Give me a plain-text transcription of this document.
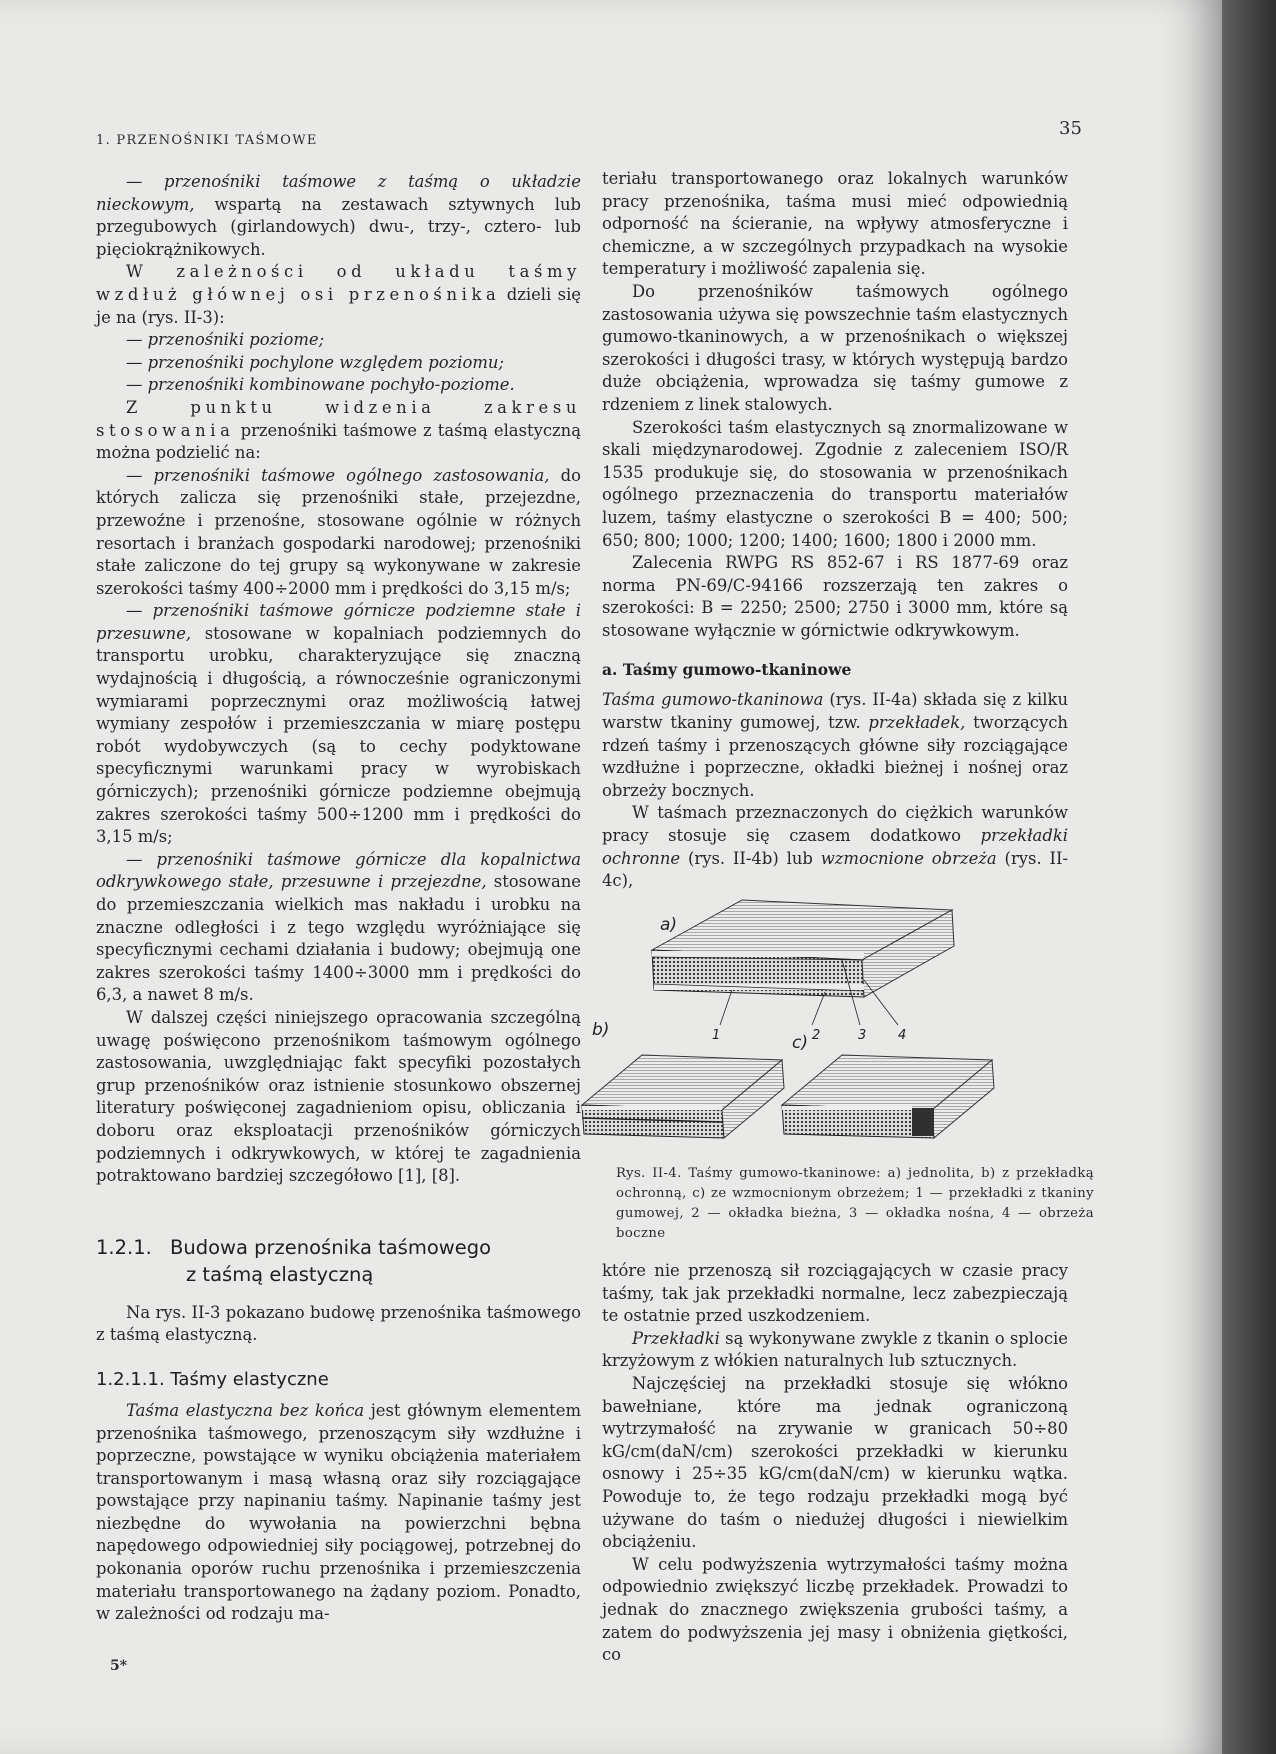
1. PRZENOŚNIKI TAŚMOWE
35

— przenośniki taśmowe z taśmą o układzie nieckowym, wspartą na zestawach sztywnych lub przegubowych (girlandowych) dwu-, trzy-, cztero- lub pięciokrążnikowych.

W zależności od układu taśmy wzdłuż głównej osi przenośnika dzieli się je na (rys. II-3):

— przenośniki poziome;

— przenośniki pochylone względem poziomu;

— przenośniki kombinowane pochyło-poziome.

Z punktu widzenia zakresu stosowania przenośniki taśmowe z taśmą elastyczną można podzielić na:

— przenośniki taśmowe ogólnego zastosowania, do których zalicza się przenośniki stałe, przejezdne, przewoźne i przenośne, stosowane ogólnie w różnych resortach i branżach gospodarki narodowej; przenośniki stałe zaliczone do tej grupy są wykonywane w zakresie szerokości taśmy 400÷2000 mm i prędkości do 3,15 m/s;

— przenośniki taśmowe górnicze podziemne stałe i przesuwne, stosowane w kopalniach podziemnych do transportu urobku, charakteryzujące się znaczną wydajnością i długością, a równocześnie ograniczonymi wymiarami poprzecznymi oraz możliwością łatwej wymiany zespołów i przemieszczania w miarę postępu robót wydobywczych (są to cechy podyktowane specyficznymi warunkami pracy w wyrobiskach górniczych); przenośniki górnicze podziemne obejmują zakres szerokości taśmy 500÷1200 mm i prędkości do 3,15 m/s;

— przenośniki taśmowe górnicze dla kopalnictwa odkrywkowego stałe, przesuwne i przejezdne, stosowane do przemieszczania wielkich mas nakładu i urobku na znaczne odległości i z tego względu wyróżniające się specyficznymi cechami działania i budowy; obejmują one zakres szerokości taśmy 1400÷3000 mm i prędkości do 6,3, a nawet 8 m/s.

W dalszej części niniejszego opracowania szczególną uwagę poświęcono przenośnikom taśmowym ogólnego zastosowania, uwzględniając fakt specyfiki pozostałych grup przenośników oraz istnienie stosunkowo obszernej literatury poświęconej zagadnieniom opisu, obliczania i doboru oraz eksploatacji przenośników górniczych podziemnych i odkrywkowych, w której te zagadnienia potraktowano bardziej szczegółowo [1], [8].

1.2.1. Budowa przenośnika taśmowego
z taśmą elastyczną

Na rys. II-3 pokazano budowę przenośnika taśmowego z taśmą elastyczną.

1.2.1.1. Taśmy elastyczne

Taśma elastyczna bez końca jest głównym elementem przenośnika taśmowego, przenoszącym siły wzdłużne i poprzeczne, powstające w wyniku obciążenia materiałem transportowanym i masą własną oraz siły rozciągające powstające przy napinaniu taśmy. Napinanie taśmy jest niezbędne do wywołania na powierzchni bębna napędowego odpowiedniej siły pociągowej, potrzebnej do pokonania oporów ruchu przenośnika i przemieszczenia materiału transportowanego na żądany poziom. Ponadto, w zależności od rodzaju ma-

teriału transportowanego oraz lokalnych warunków pracy przenośnika, taśma musi mieć odpowiednią odporność na ścieranie, na wpływy atmosferyczne i chemiczne, a w szczególnych przypadkach na wysokie temperatury i możliwość zapalenia się.

Do przenośników taśmowych ogólnego zastosowania używa się powszechnie taśm elastycznych gumowo-tkaninowych, a w przenośnikach o większej szerokości i długości trasy, w których występują bardzo duże obciążenia, wprowadza się taśmy gumowe z rdzeniem z linek stalowych.

Szerokości taśm elastycznych są znormalizowane w skali międzynarodowej. Zgodnie z zaleceniem ISO/R 1535 produkuje się, do stosowania w przenośnikach ogólnego przeznaczenia do transportu materiałów luzem, taśmy elastyczne o szerokości B = 400; 500; 650; 800; 1000; 1200; 1400; 1600; 1800 i 2000 mm.

Zalecenia RWPG RS 852-67 i RS 1877-69 oraz norma PN-69/C-94166 rozszerzają ten zakres o szerokości: B = 2250; 2500; 2750 i 3000 mm, które są stosowane wyłącznie w górnictwie odkrywkowym.

a. Taśmy gumowo-tkaninowe

Taśma gumowo-tkaninowa (rys. II-4a) składa się z kilku warstw tkaniny gumowej, tzw. przekładek, tworzących rdzeń taśmy i przenoszących główne siły rozciągające wzdłużne i poprzeczne, okładki bieżnej i nośnej oraz obrzeży bocznych.

W taśmach przeznaczonych do ciężkich warunków pracy stosuje się czasem dodatkowo przekładki ochronne (rys. II-4b) lub wzmocnione obrzeża (rys. II-4c),

a)
1	2	3 4
b)
c)
Rys. II-4. Taśmy gumowo-tkaninowe: a) jednolita, b) z przekładką ochronną, c) ze wzmocnionym obrzeżem; 1 — przekładki z tkaniny gumowej, 2 — okładka bieżna, 3 — okładka nośna, 4 — obrzeża boczne

które nie przenoszą sił rozciągających w czasie pracy taśmy, tak jak przekładki normalne, lecz zabezpieczają te ostatnie przed uszkodzeniem.

Przekładki są wykonywane zwykle z tkanin o splocie krzyżowym z włókien naturalnych lub sztucznych.

Najczęściej na przekładki stosuje się włókno bawełniane, które ma jednak ograniczoną wytrzymałość na zrywanie w granicach 50÷80 kG/cm(daN/cm) szerokości przekładki w kierunku osnowy i 25÷35 kG/cm(daN/cm) w kierunku wątka. Powoduje to, że tego rodzaju przekładki mogą być używane do taśm o niedużej długości i niewielkim obciążeniu.

W celu podwyższenia wytrzymałości taśmy można odpowiednio zwiększyć liczbę przekładek. Prowadzi to jednak do znacznego zwiększenia grubości taśmy, a zatem do podwyższenia jej masy i obniżenia giętkości, co

5*
